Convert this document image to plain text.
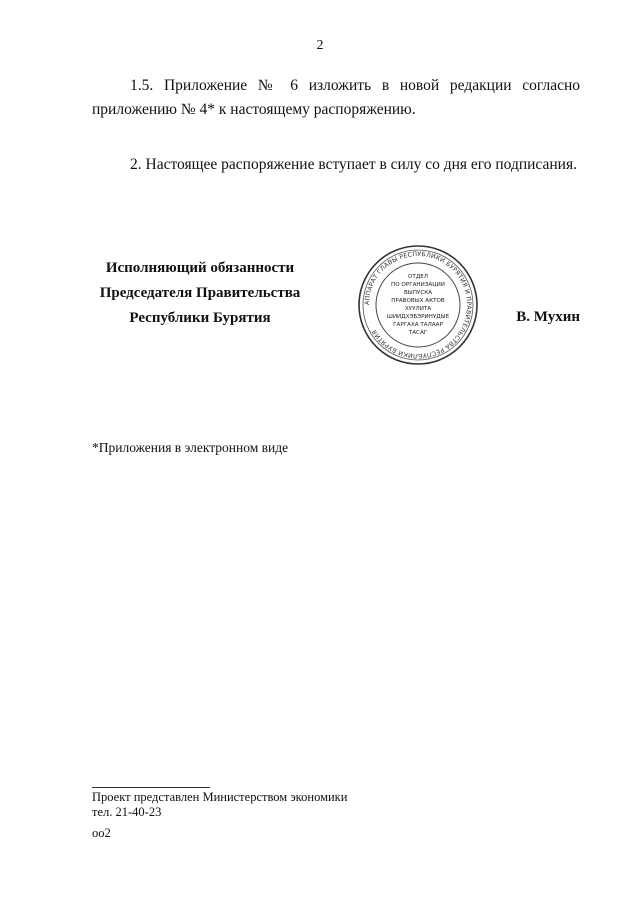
2
1.5. Приложение № 6 изложить в новой редакции согласно приложению № 4* к настоящему распоряжению.
2. Настоящее распоряжение вступает в силу со дня его подписания.
Исполняющий обязанности
Председателя Правительства
Республики Бурятия
АППАРАТ ГЛАВЫ РЕСПУБЛИКИ БУРЯТИЯ И ПРАВИТЕЛЬСТВА РЕСПУБЛИКИ БУРЯТИЯ
ОТДЕЛ
ПО ОРГАНИЗАЦИИ
ВЫПУСКА
ПРАВОВЫХ АКТОВ
ХУУЛИТА
ШИИДХЭБЭРИНУДЫЕ
ГАРГАХА ТАЛААР
ТАСАГ
В. Мухин
*Приложения в электронном виде
Проект представлен Министерством экономики
тел. 21-40-23
оо2
